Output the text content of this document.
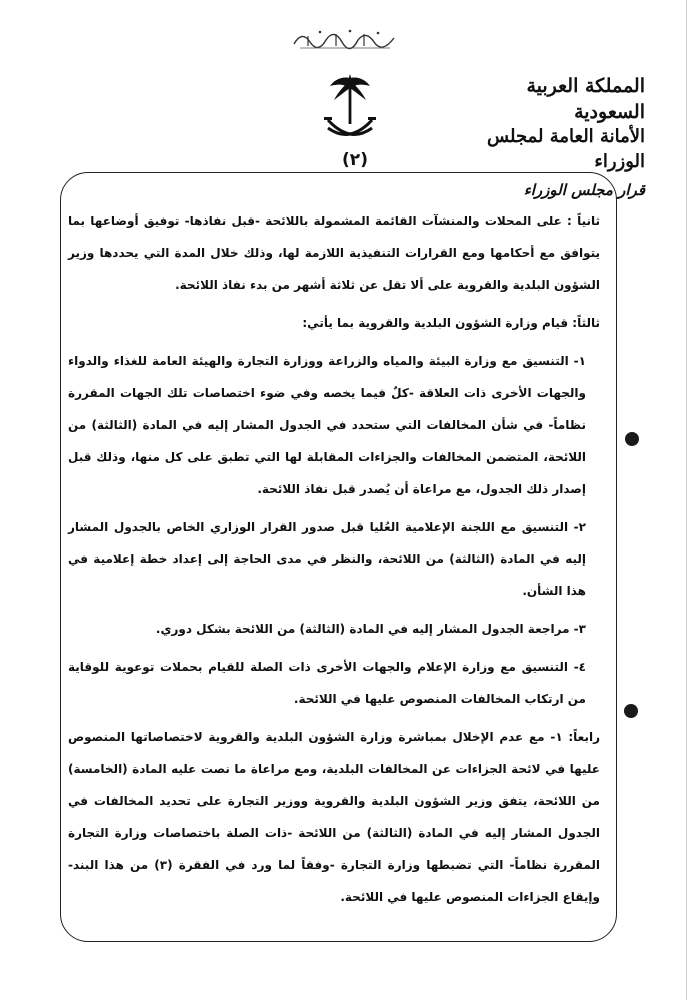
(٢)
المملكة العربية السعودية
الأمانة العامة لمجلس الوزراء
قرار مجلس الوزراء

ثانياً : على المحلات والمنشآت القائمة المشمولة باللائحة -قبل نفاذها- توفيق أوضاعها بما يتوافق مع أحكامها ومع القرارات التنفيذية اللازمة لها، وذلك خلال المدة التي يحددها وزير الشؤون البلدية والقروية على ألا تقل عن ثلاثة أشهر من بدء نفاذ اللائحة.

ثالثاً: قيام وزارة الشؤون البلدية والقروية بما يأتي:

١- التنسيق مع وزارة البيئة والمياه والزراعة ووزارة التجارة والهيئة العامة للغذاء والدواء والجهات الأخرى ذات العلاقة -كلٌ فيما يخصه وفي ضوء اختصاصات تلك الجهات المقررة نظاماً- في شأن المخالفات التي ستحدد في الجدول المشار إليه في المادة (الثالثة) من اللائحة، المتضمن المخالفات والجزاءات المقابلة لها التي تطبق على كل منها، وذلك قبل إصدار ذلك الجدول، مع مراعاة أن يُصدر قبل نفاذ اللائحة.

٢- التنسيق مع اللجنة الإعلامية العُليا قبل صدور القرار الوزاري الخاص بالجدول المشار إليه في المادة (الثالثة) من اللائحة، والنظر في مدى الحاجة إلى إعداد خطة إعلامية في هذا الشأن.

٣- مراجعة الجدول المشار إليه في المادة (الثالثة) من اللائحة بشكل دوري.

٤- التنسيق مع وزارة الإعلام والجهات الأخرى ذات الصلة للقيام بحملات توعوية للوقاية من ارتكاب المخالفات المنصوص عليها في اللائحة.

رابعاً: ١- مع عدم الإخلال بمباشرة وزارة الشؤون البلدية والقروية لاختصاصاتها المنصوص عليها في لائحة الجزاءات عن المخالفات البلدية، ومع مراعاة ما نصت عليه المادة (الخامسة) من اللائحة، يتفق وزير الشؤون البلدية والقروية ووزير التجارة على تحديد المخالفات في الجدول المشار إليه في المادة (الثالثة) من اللائحة -ذات الصلة باختصاصات وزارة التجارة المقررة نظاماً- التي تضبطها وزارة التجارة -وفقاً لما ورد في الفقرة (٣) من هذا البند- وإيقاع الجزاءات المنصوص عليها في اللائحة.
